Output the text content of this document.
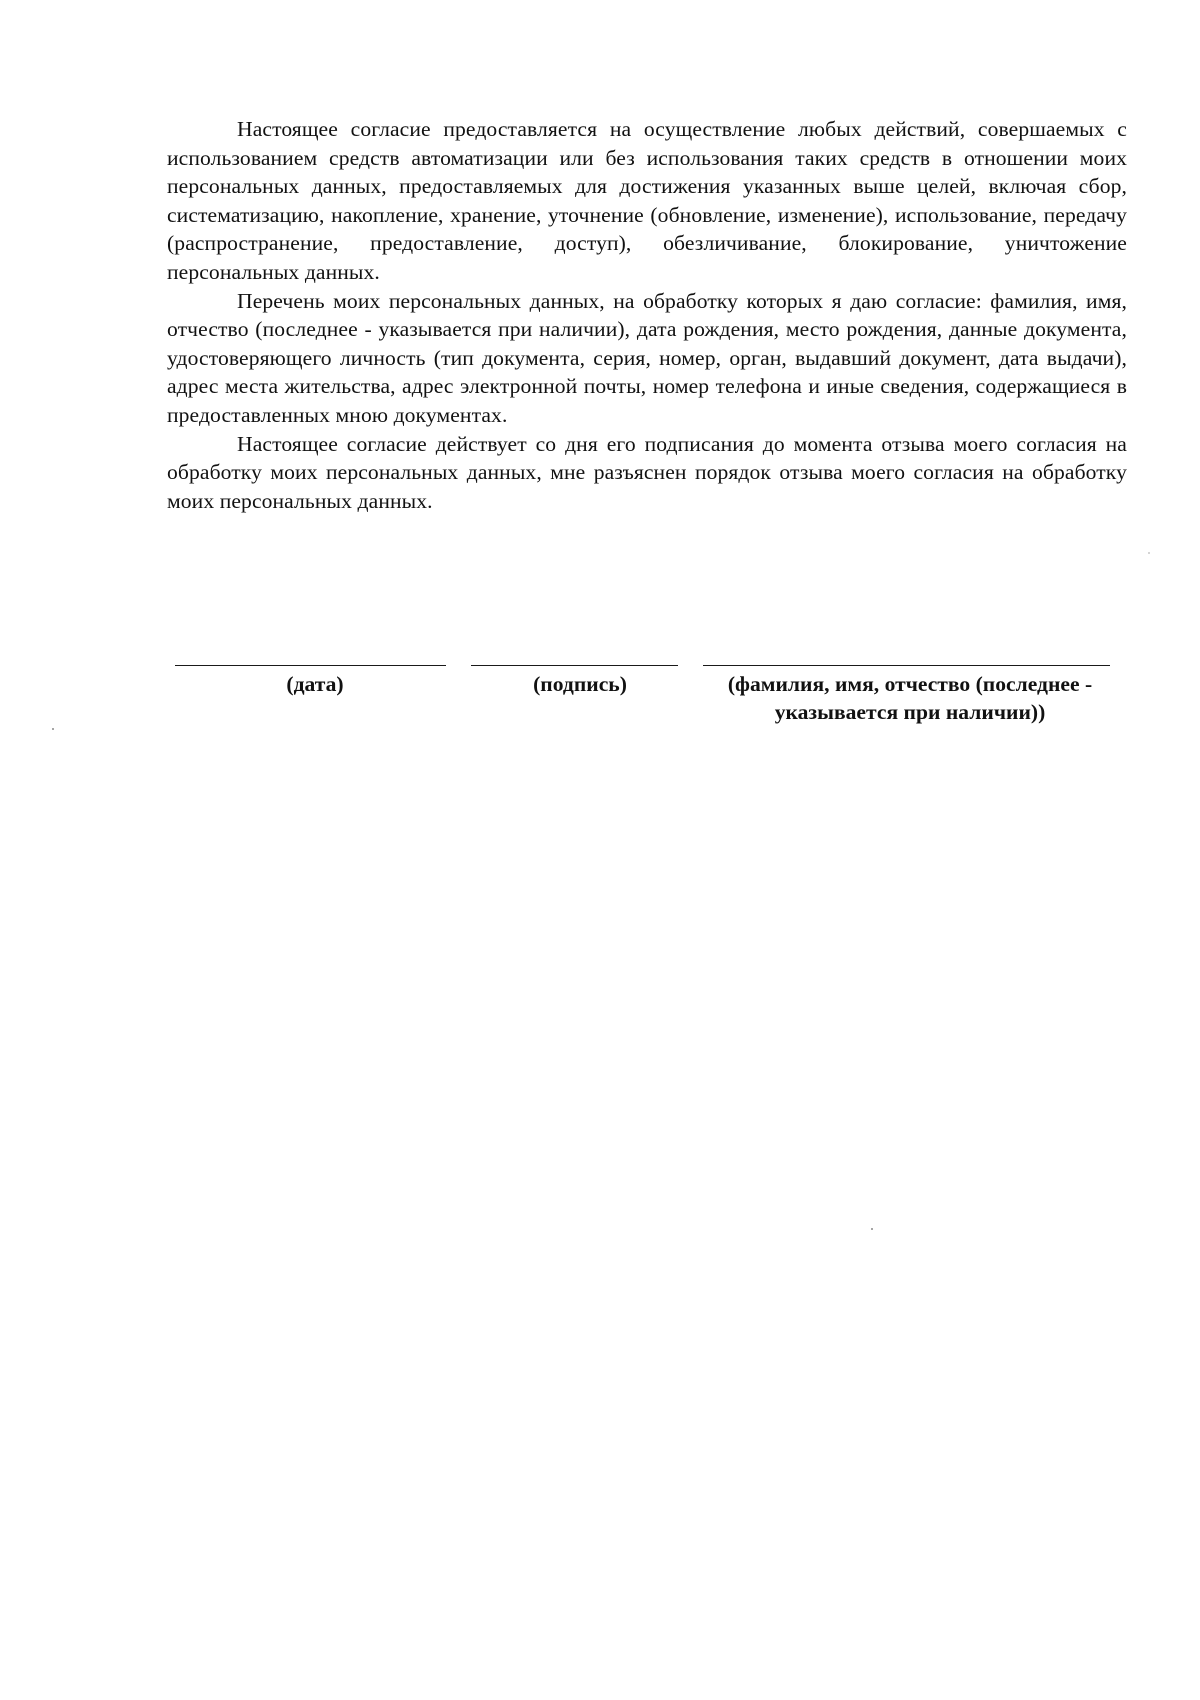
Настоящее согласие предоставляется на осуществление любых действий, совершаемых с использованием средств автоматизации или без использования таких средств в отношении моих персональных данных, предоставляемых для достижения указанных выше целей, включая сбор, систематизацию, накопление, хранение, уточнение (обновление, изменение), использование, передачу (распространение, предоставление, доступ), обезличивание, блокирование, уничтожение персональных данных.

Перечень моих персональных данных, на обработку которых я даю согласие: фамилия, имя, отчество (последнее - указывается при наличии), дата рождения, место рождения, данные документа, удостоверяющего личность (тип документа, серия, номер, орган, выдавший документ, дата выдачи), адрес места жительства, адрес электронной почты, номер телефона и иные сведения, содержащиеся в предоставленных мною документах.

Настоящее согласие действует со дня его подписания до момента отзыва моего согласия на обработку моих персональных данных, мне разъяснен порядок отзыва моего согласия на обработку моих персональных данных.

(дата)	(подпись)	(фамилия, имя, отчество (последнее -
указывается при наличии))
